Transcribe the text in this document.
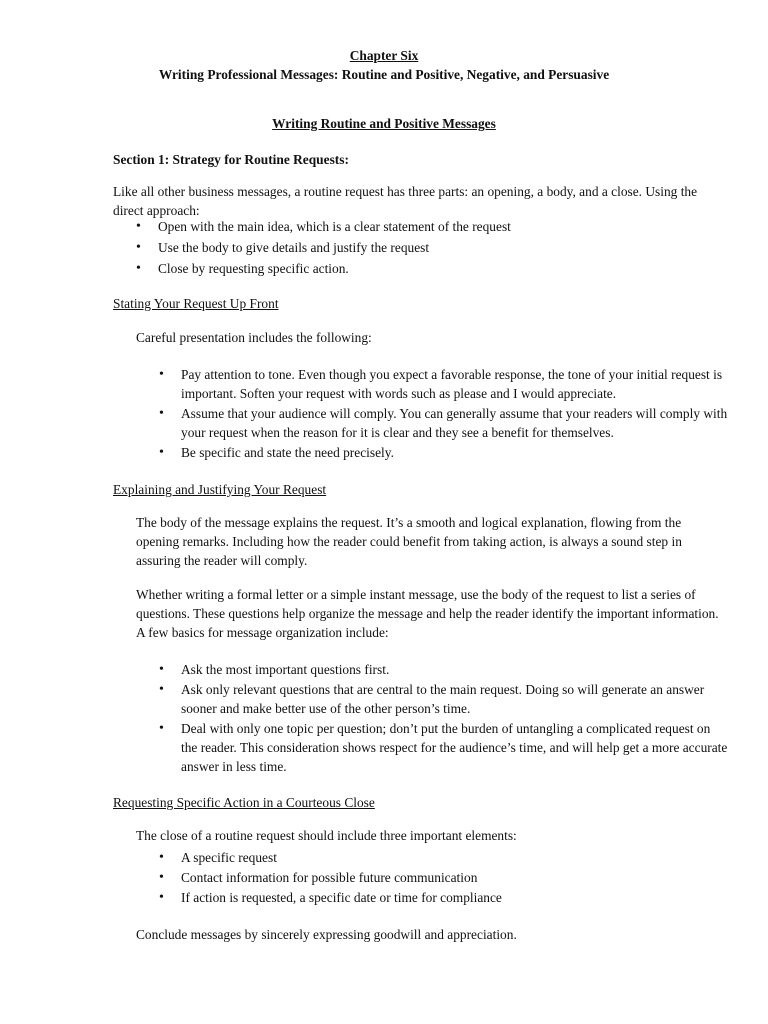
Chapter Six

Writing Professional Messages: Routine and Positive, Negative, and Persuasive

Writing Routine and Positive Messages

Section 1: Strategy for Routine Requests:

Like all other business messages, a routine request has three parts: an opening, a body, and a close. Using the direct approach:

• Open with the main idea, which is a clear statement of the request
• Use the body to give details and justify the request
• Close by requesting specific action.

Stating Your Request Up Front

Careful presentation includes the following:

• Pay attention to tone. Even though you expect a favorable response, the tone of your initial request is important. Soften your request with words such as please and I would appreciate.
• Assume that your audience will comply. You can generally assume that your readers will comply with your request when the reason for it is clear and they see a benefit for themselves.
• Be specific and state the need precisely.

Explaining and Justifying Your Request

The body of the message explains the request. It’s a smooth and logical explanation, flowing from the opening remarks. Including how the reader could benefit from taking action, is always a sound step in assuring the reader will comply.

Whether writing a formal letter or a simple instant message, use the body of the request to list a series of questions. These questions help organize the message and help the reader identify the important information. A few basics for message organization include:

• Ask the most important questions first.
• Ask only relevant questions that are central to the main request. Doing so will generate an answer sooner and make better use of the other person’s time.
• Deal with only one topic per question; don’t put the burden of untangling a complicated request on the reader. This consideration shows respect for the audience’s time, and will help get a more accurate answer in less time.

Requesting Specific Action in a Courteous Close

The close of a routine request should include three important elements:

• A specific request
• Contact information for possible future communication
• If action is requested, a specific date or time for compliance

Conclude messages by sincerely expressing goodwill and appreciation.
